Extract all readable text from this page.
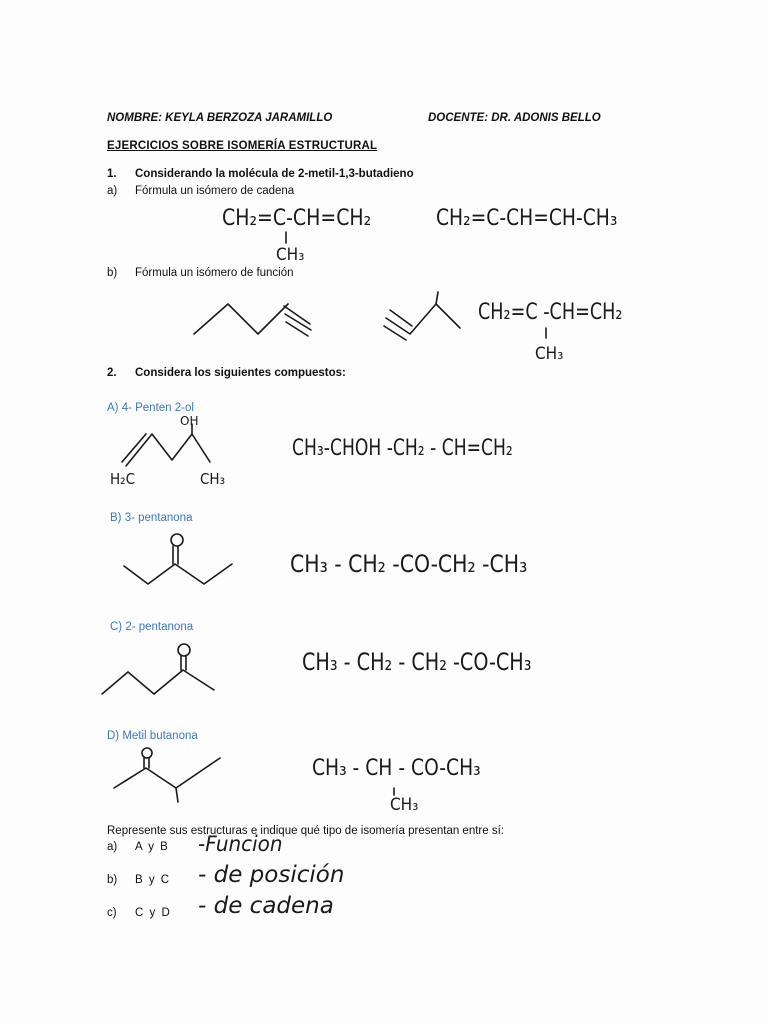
NOMBRE: KEYLA BERZOZA JARAMILLO	DOCENTE: DR. ADONIS BELLO
EJERCICIOS SOBRE ISOMERÍA ESTRUCTURAL
1. Considerando la molécula de 2-metil-1,3-butadieno
a) Fórmula un isómero de cadena
CH₂=C-CH=CH₂
CH₃
CH₂=C-CH=CH-CH₃
b) Fórmula un isómero de función
CH₂=C -CH=CH₂
CH₃
2. Considera los siguientes compuestos:
A) 4- Penten 2-ol
OH
H₂C	CH₃
CH₃-CHOH -CH₂ - CH=CH₂
B) 3- pentanona
CH₃ - CH₂ -CO-CH₂ -CH₃
C) 2- pentanona
CH₃ - CH₂ - CH₂ -CO-CH₃
D) Metil butanona
CH₃ - CH - CO-CH₃
CH₃
Represente sus estructuras e indique qué tipo de isomería presentan entre sí:
a) A y B -Funcion
b) B y C - de posición
c) C y D - de cadena
